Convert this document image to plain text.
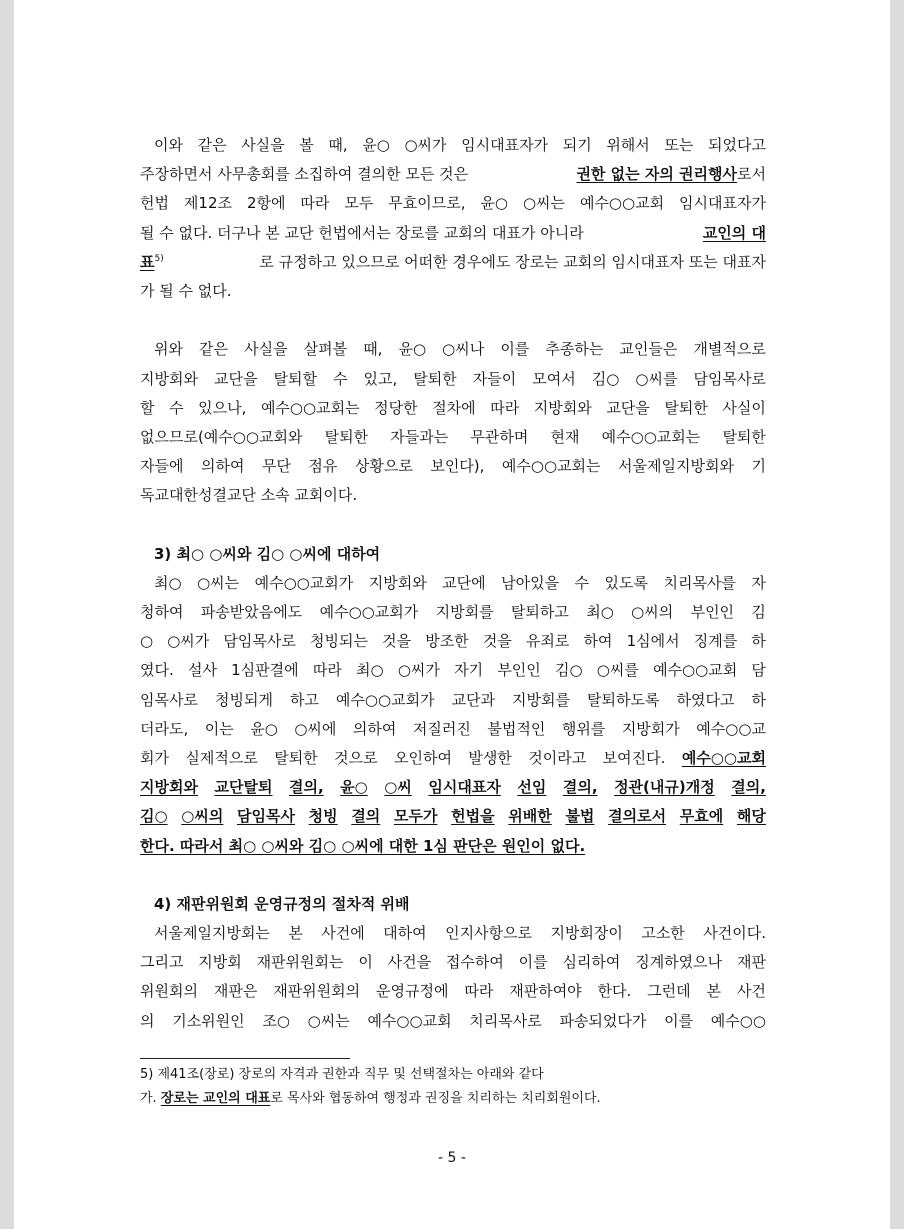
이와 같은 사실을 볼 때, 윤○ ○씨가 임시대표자가 되기 위해서 또는 되었다고
주장하면서 사무총회를 소집하여 결의한 모든 것은	권한 없는 자의 권리행사 로서
헌법 제12조 2항에 따라 모두 무효이므로, 윤○ ○씨는 예수○○교회 임시대표자가
될 수 없다. 더구나 본 교단 헌법에서는 장로를 교회의 대표가 아니라	교인의 대
표$^{5)}$	로 규정하고 있으므로 어떠한 경우에도 장로는 교회의 임시대표자 또는 대표자
가 될 수 없다.
위와 같은 사실을 살펴볼 때, 윤○ ○씨나 이를 추종하는 교인들은 개별적으로
지방회와 교단을 탈퇴할 수 있고, 탈퇴한 자들이 모여서 김○ ○씨를 담임목사로
할 수 있으나, 예수○○교회는 정당한 절차에 따라 지방회와 교단을 탈퇴한 사실이
없으므로(예수○○교회와 탈퇴한 자들과는 무관하며 현재 예수○○교회는 탈퇴한
자들에 의하여 무단 점유 상황으로 보인다), 예수○○교회는 서울제일지방회와 기
독교대한성결교단 소속 교회이다.
3) 최○ ○씨와 김○ ○씨에 대하여
최○ ○씨는 예수○○교회가 지방회와 교단에 남아있을 수 있도록 치리목사를 자
청하여 파송받았음에도 예수○○교회가 지방회를 탈퇴하고 최○ ○씨의 부인인 김
○ ○씨가 담임목사로 청빙되는 것을 방조한 것을 유죄로 하여 1심에서 징계를 하
였다. 설사 1심판결에 따라 최○ ○씨가 자기 부인인 김○ ○씨를 예수○○교회 담
임목사로 청빙되게 하고 예수○○교회가 교단과 지방회를 탈퇴하도록 하였다고 하
더라도, 이는 윤○ ○씨에 의하여 저질러진 불법적인 행위를 지방회가 예수○○교
회가 실제적으로 탈퇴한 것으로 오인하여 발생한 것이라고 보여진다. 예수○○교회
지방회와 교단탈퇴 결의, 윤○ ○씨 임시대표자 선임 결의, 정관(내규)개정 결의,
김○ ○씨의 담임목사 청빙 결의 모두가 헌법을 위배한 불법 결의로서 무효에 해당
한다. 따라서 최○ ○씨와 김○ ○씨에 대한 1심 판단은 원인이 없다.
4) 재판위원회 운영규정의 절차적 위배
서울제일지방회는 본 사건에 대하여 인지사항으로 지방회장이 고소한 사건이다.
그리고 지방회 재판위원회는 이 사건을 접수하여 이를 심리하여 징계하였으나 재판
위원회의 재판은 재판위원회의 운영규정에 따라 재판하여야 한다. 그런데 본 사건
의 기소위원인 조○ ○씨는 예수○○교회 치리목사로 파송되었다가 이를 예수○○
5) 제41조(장로) 장로의 자격과 권한과 직무 및 선택절차는 아래와 같다
가. 장로는 교인의 대표로 목사와 협동하여 행정과 권징을 치리하는 치리회원이다.
- 5 -
